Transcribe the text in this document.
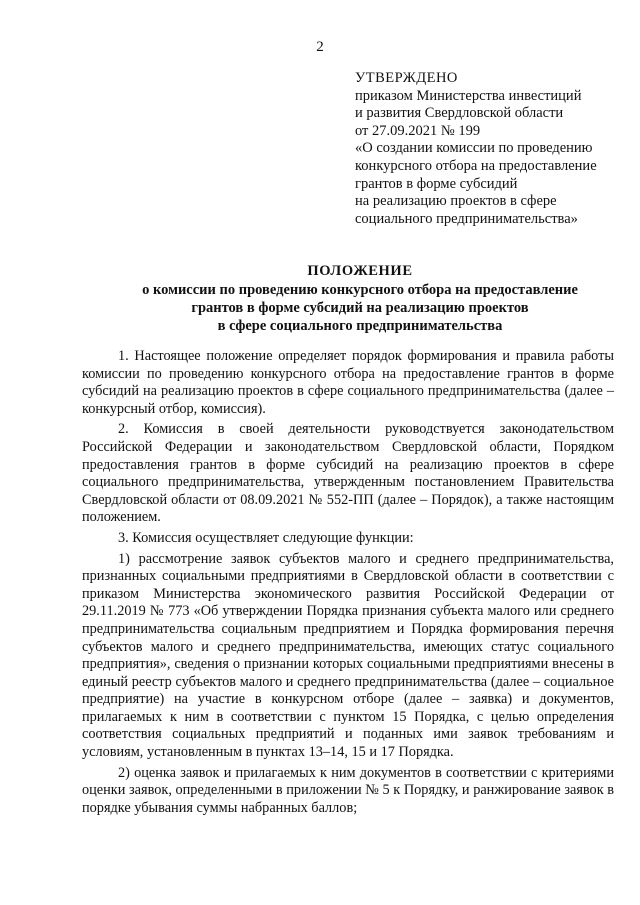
2
УТВЕРЖДЕНО
приказом Министерства инвестиций
и развития Свердловской области
от 27.09.2021 № 199
«О создании комиссии по проведению
конкурсного отбора на предоставление
грантов в форме субсидий
на реализацию проектов в сфере
социального предпринимательства»
ПОЛОЖЕНИЕ
о комиссии по проведению конкурсного отбора на предоставление
грантов в форме субсидий на реализацию проектов
в сфере социального предпринимательства

1. Настоящее положение определяет порядок формирования и правила работы комиссии по проведению конкурсного отбора на предоставление грантов в форме субсидий на реализацию проектов в сфере социального предпринимательства (далее – конкурсный отбор, комиссия).

2. Комиссия в своей деятельности руководствуется законодательством Российской Федерации и законодательством Свердловской области, Порядком предоставления грантов в форме субсидий на реализацию проектов в сфере социального предпринимательства, утвержденным постановлением Правительства Свердловской области от 08.09.2021 № 552-ПП (далее – Порядок), а также настоящим положением.

3. Комиссия осуществляет следующие функции:

1) рассмотрение заявок субъектов малого и среднего предпринимательства, признанных социальными предприятиями в Свердловской области в соответствии с приказом Министерства экономического развития Российской Федерации от 29.11.2019 № 773 «Об утверждении Порядка признания субъекта малого или среднего предпринимательства социальным предприятием и Порядка формирования перечня субъектов малого и среднего предпринимательства, имеющих статус социального предприятия», сведения о признании которых социальными предприятиями внесены в единый реестр субъектов малого и среднего предпринимательства (далее – социальное предприятие) на участие в конкурсном отборе (далее – заявка) и документов, прилагаемых к ним в соответствии с пунктом 15 Порядка, с целью определения соответствия социальных предприятий и поданных ими заявок требованиям и условиям, установленным в пунктах 13–14, 15 и 17 Порядка.

2) оценка заявок и прилагаемых к ним документов в соответствии с критериями оценки заявок, определенными в приложении № 5 к Порядку, и ранжирование заявок в порядке убывания суммы набранных баллов;
